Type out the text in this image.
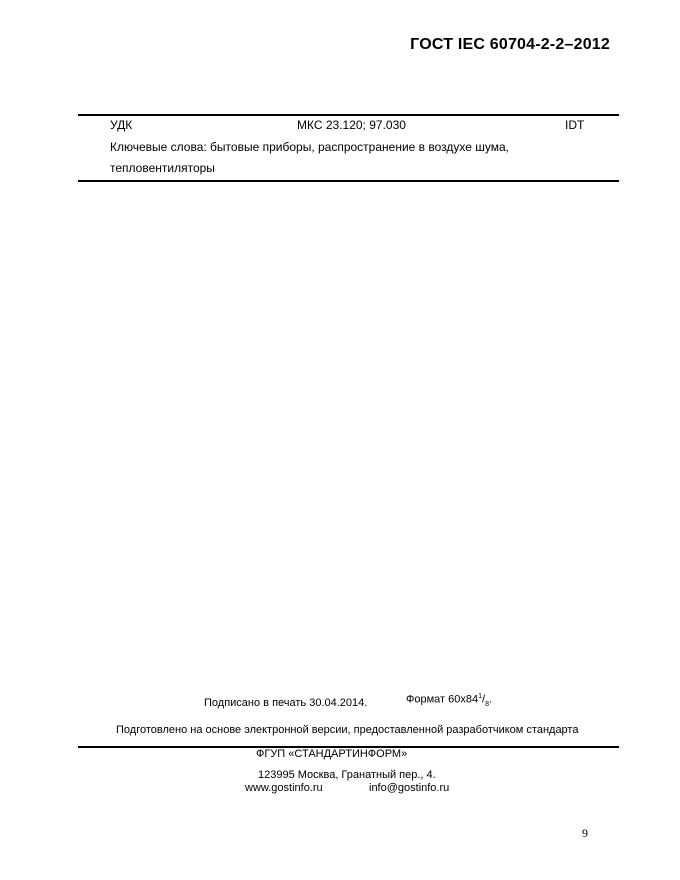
ГОСТ IEC 60704-2-2–2012
УДК	МКС 23.120; 97.030	IDT
Ключевые слова: бытовые приборы, распространение в воздухе шума,
тепловентиляторы
Подписано в печать 30.04.2014.	Формат $60x84^1/_8$.
Подготовлено на основе электронной версии, предоставленной разработчиком стандарта
ФГУП «СТАНДАРТИНФОРМ»
123995 Москва, Гранатный пер., 4.
www.gostinfo.ru	info@gostinfo.ru
9
